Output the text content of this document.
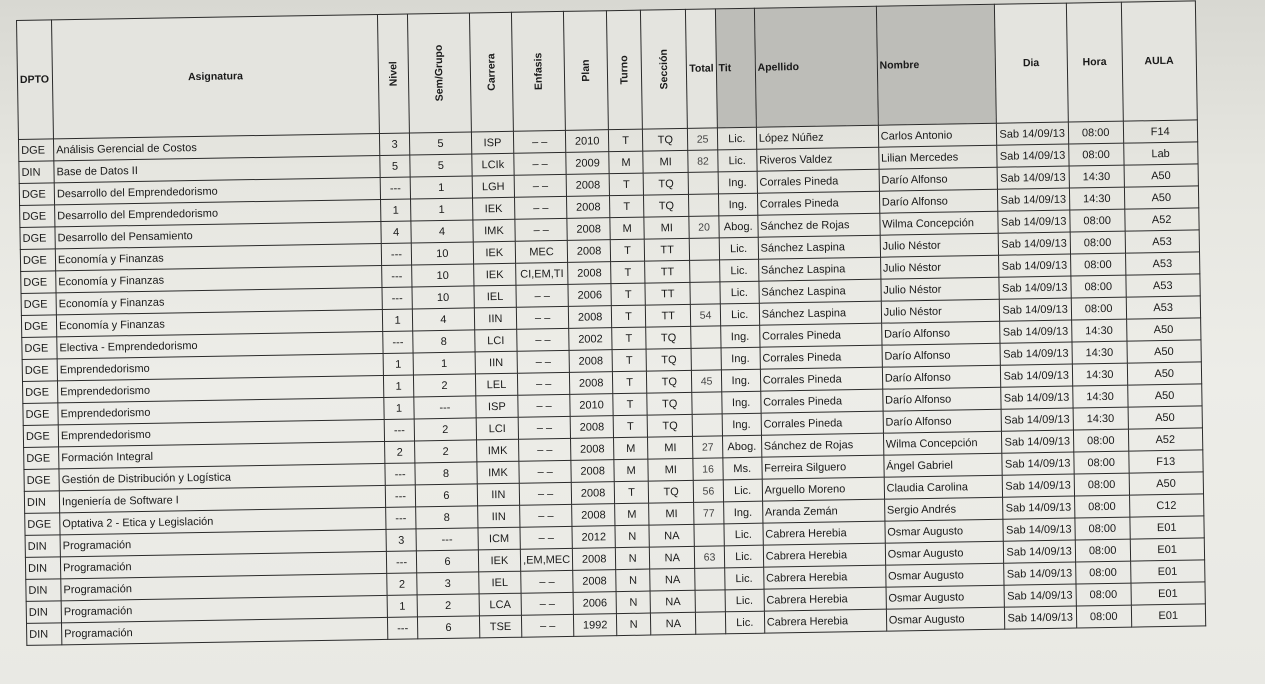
DPTO	Asignatura	Nivel	Sem/Grupo	Carrera	Enfasis	Plan	Turno	Sección	Total	Tit	Apellido	Nombre	Dia	Hora	AULA
DGE	Análisis Gerencial de Costos	3	5	ISP	– –	2010	T	TQ	25	Lic.	López Núñez	Carlos Antonio	Sab 14/09/13	08:00	F14
DIN	Base de Datos II	5	5	LCIk	– –	2009	M	MI	82	Lic.	Riveros Valdez	Lilian Mercedes	Sab 14/09/13	08:00	Lab
DGE	Desarrollo del Emprendedorismo	---	1	LGH	– –	2008	T	TQ		Ing.	Corrales Pineda	Darío Alfonso	Sab 14/09/13	14:30	A50
DGE	Desarrollo del Emprendedorismo	1	1	IEK	– –	2008	T	TQ		Ing.	Corrales Pineda	Darío Alfonso	Sab 14/09/13	14:30	A50
DGE	Desarrollo del Pensamiento	4	4	IMK	– –	2008	M	MI	20	Abog.	Sánchez de Rojas	Wilma Concepción	Sab 14/09/13	08:00	A52
DGE	Economía y Finanzas	---	10	IEK	MEC	2008	T	TT		Lic.	Sánchez Laspina	Julio Néstor	Sab 14/09/13	08:00	A53
DGE	Economía y Finanzas	---	10	IEK	CI,EM,TI	2008	T	TT		Lic.	Sánchez Laspina	Julio Néstor	Sab 14/09/13	08:00	A53
DGE	Economía y Finanzas	---	10	IEL	– –	2006	T	TT		Lic.	Sánchez Laspina	Julio Néstor	Sab 14/09/13	08:00	A53
DGE	Economía y Finanzas	1	4	IIN	– –	2008	T	TT	54	Lic.	Sánchez Laspina	Julio Néstor	Sab 14/09/13	08:00	A53
DGE	Electiva - Emprendedorismo	---	8	LCI	– –	2002	T	TQ		Ing.	Corrales Pineda	Darío Alfonso	Sab 14/09/13	14:30	A50
DGE	Emprendedorismo	1	1	IIN	– –	2008	T	TQ		Ing.	Corrales Pineda	Darío Alfonso	Sab 14/09/13	14:30	A50
DGE	Emprendedorismo	1	2	LEL	– –	2008	T	TQ	45	Ing.	Corrales Pineda	Darío Alfonso	Sab 14/09/13	14:30	A50
DGE	Emprendedorismo	1	---	ISP	– –	2010	T	TQ		Ing.	Corrales Pineda	Darío Alfonso	Sab 14/09/13	14:30	A50
DGE	Emprendedorismo	---	2	LCI	– –	2008	T	TQ		Ing.	Corrales Pineda	Darío Alfonso	Sab 14/09/13	14:30	A50
DGE	Formación Integral	2	2	IMK	– –	2008	M	MI	27	Abog.	Sánchez de Rojas	Wilma Concepción	Sab 14/09/13	08:00	A52
DGE	Gestión de Distribución y Logística	---	8	IMK	– –	2008	M	MI	16	Ms.	Ferreira Silguero	Ángel Gabriel	Sab 14/09/13	08:00	F13
DIN	Ingeniería de Software I	---	6	IIN	– –	2008	T	TQ	56	Lic.	Arguello Moreno	Claudia Carolina	Sab 14/09/13	08:00	A50
DGE	Optativa 2 - Etica y Legislación	---	8	IIN	– –	2008	M	MI	77	Ing.	Aranda Zemán	Sergio Andrés	Sab 14/09/13	08:00	C12
DIN	Programación	3	---	ICM	– –	2012	N	NA		Lic.	Cabrera Herebia	Osmar Augusto	Sab 14/09/13	08:00	E01
DIN	Programación	---	6	IEK	,EM,MEC	2008	N	NA	63	Lic.	Cabrera Herebia	Osmar Augusto	Sab 14/09/13	08:00	E01
DIN	Programación	2	3	IEL	– –	2008	N	NA		Lic.	Cabrera Herebia	Osmar Augusto	Sab 14/09/13	08:00	E01
DIN	Programación	1	2	LCA	– –	2006	N	NA		Lic.	Cabrera Herebia	Osmar Augusto	Sab 14/09/13	08:00	E01
DIN	Programación	---	6	TSE	– –	1992	N	NA		Lic.	Cabrera Herebia	Osmar Augusto	Sab 14/09/13	08:00	E01
